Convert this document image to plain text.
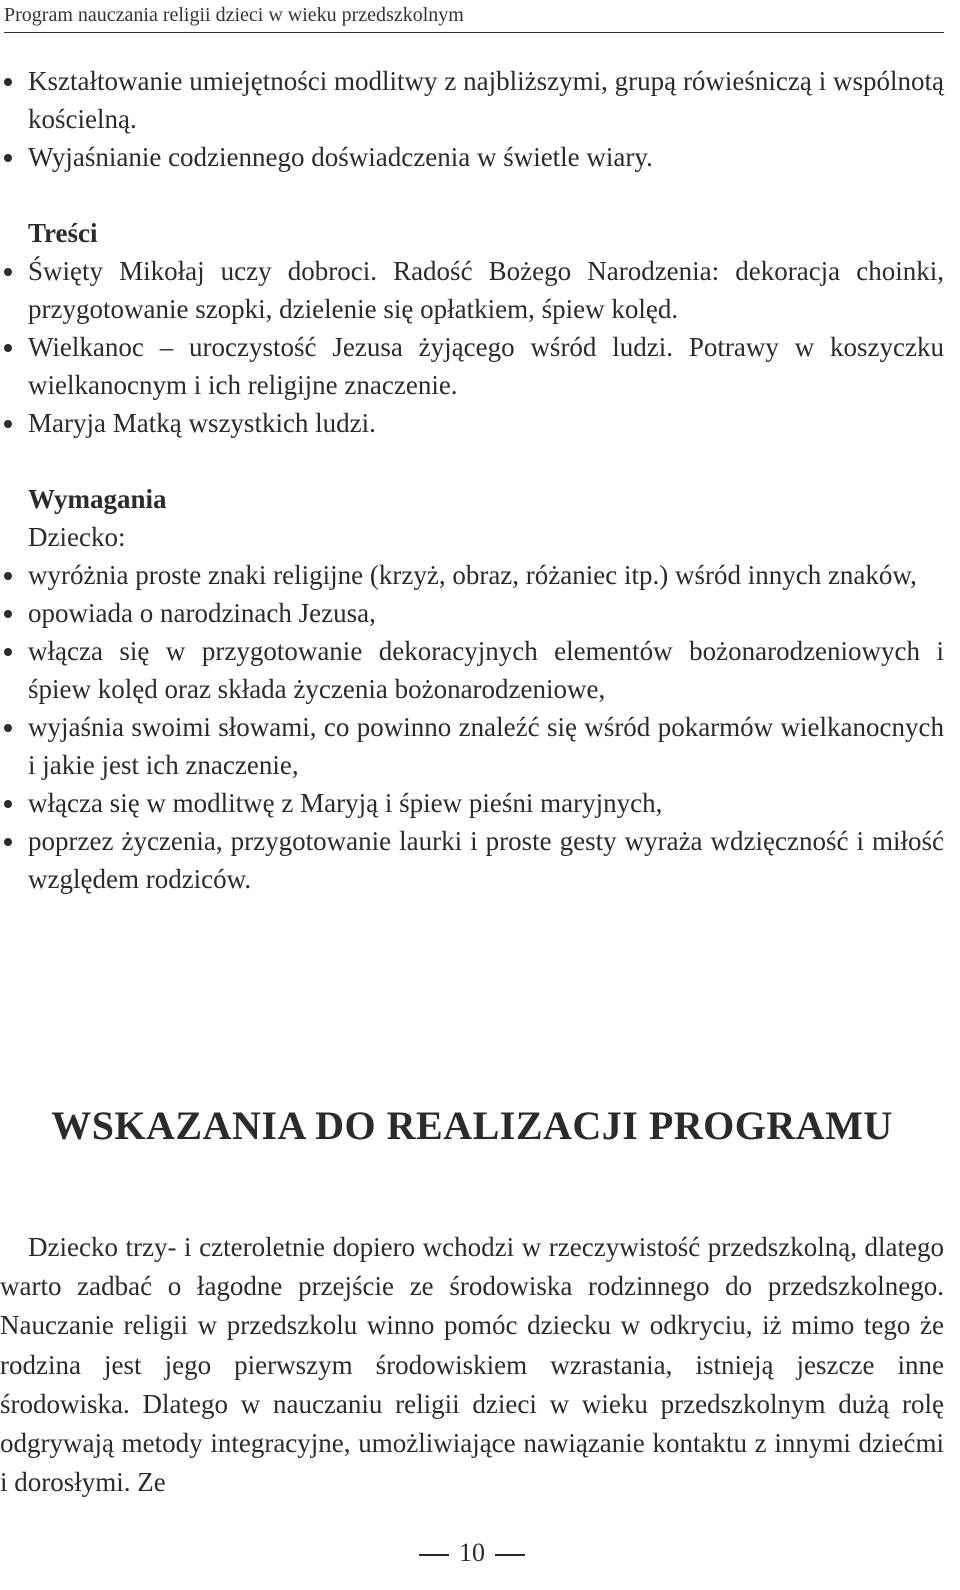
Program nauczania religii dzieci w wieku przedszkolnym
Kształtowanie umiejętności modlitwy z najbliższymi, grupą rówieśniczą i wspólnotą kościelną.
Wyjaśnianie codziennego doświadczenia w świetle wiary.
Treści
Święty Mikołaj uczy dobroci. Radość Bożego Narodzenia: dekoracja choinki, przygotowanie szopki, dzielenie się opłatkiem, śpiew kolęd.
Wielkanoc – uroczystość Jezusa żyjącego wśród ludzi. Potrawy w koszyczku wielkanocnym i ich religijne znaczenie.
Maryja Matką wszystkich ludzi.
Wymagania
Dziecko:
wyróżnia proste znaki religijne (krzyż, obraz, różaniec itp.) wśród innych znaków,
opowiada o narodzinach Jezusa,
włącza się w przygotowanie dekoracyjnych elementów bożonarodzeniowych i śpiew kolęd oraz składa życzenia bożonarodzeniowe,
wyjaśnia swoimi słowami, co powinno znaleźć się wśród pokarmów wielkanocnych i jakie jest ich znaczenie,
włącza się w modlitwę z Maryją i śpiew pieśni maryjnych,
poprzez życzenia, przygotowanie laurki i proste gesty wyraża wdzięczność i miłość względem rodziców.
WSKAZANIA DO REALIZACJI PROGRAMU

Dziecko trzy- i czteroletnie dopiero wchodzi w rzeczywistość przedszkolną, dlatego warto zadbać o łagodne przejście ze środowiska rodzinnego do przedszkolnego. Nauczanie religii w przedszkolu winno pomóc dziecku w odkryciu, iż mimo tego że rodzina jest jego pierwszym środowiskiem wzrastania, istnieją jeszcze inne środowiska. Dlatego w nauczaniu religii dzieci w wieku przedszkolnym dużą rolę odgrywają metody integracyjne, umożliwiające nawiązanie kontaktu z innymi dziećmi i dorosłymi. Ze

10
